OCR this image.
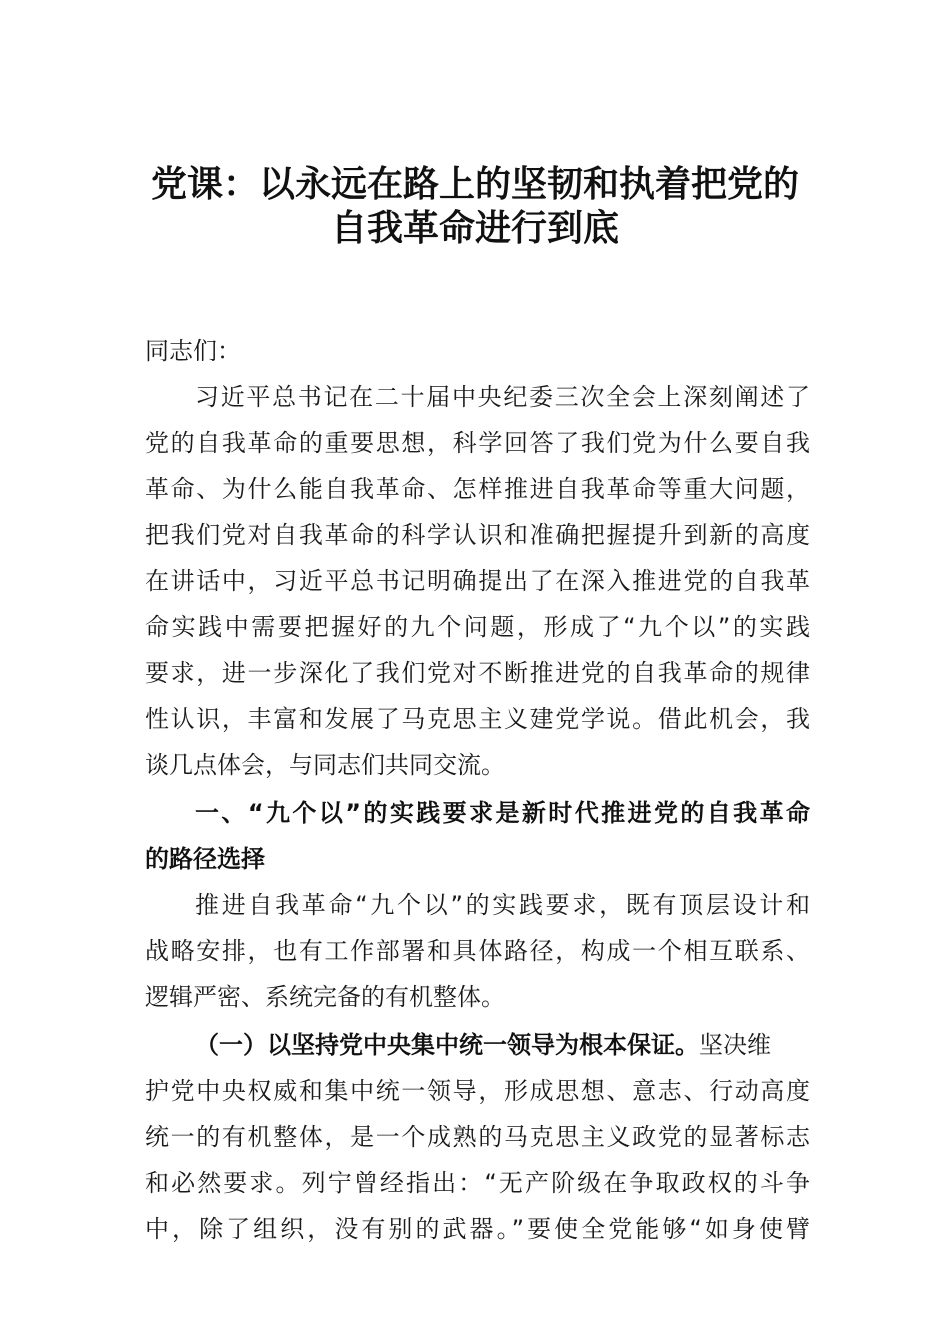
党课：以永远在路上的坚韧和执着把党的
自我革命进行到底
同志们：
习近平总书记在二十届中央纪委三次全会上深刻阐述了
党的自我革命的重要思想，科学回答了我们党为什么要自我
革命、为什么能自我革命、怎样推进自我革命等重大问题，
把我们党对自我革命的科学认识和准确把握提升到新的高度
在讲话中，习近平总书记明确提出了在深入推进党的自我革
命实践中需要把握好的九个问题，形成了“九个以”的实践
要求，进一步深化了我们党对不断推进党的自我革命的规律
性认识，丰富和发展了马克思主义建党学说。借此机会，我
谈几点体会，与同志们共同交流。
一、“九个以”的实践要求是新时代推进党的自我革命
的路径选择
推进自我革命“九个以”的实践要求，既有顶层设计和
战略安排，也有工作部署和具体路径，构成一个相互联系、
逻辑严密、系统完备的有机整体。
（一）以坚持党中央集中统一领导为根本保证。坚决维
护党中央权威和集中统一领导，形成思想、意志、行动高度
统一的有机整体，是一个成熟的马克思主义政党的显著标志
和必然要求。列宁曾经指出：“无产阶级在争取政权的斗争
中，除了组织，没有别的武器。”要使全党能够“如身使臂
